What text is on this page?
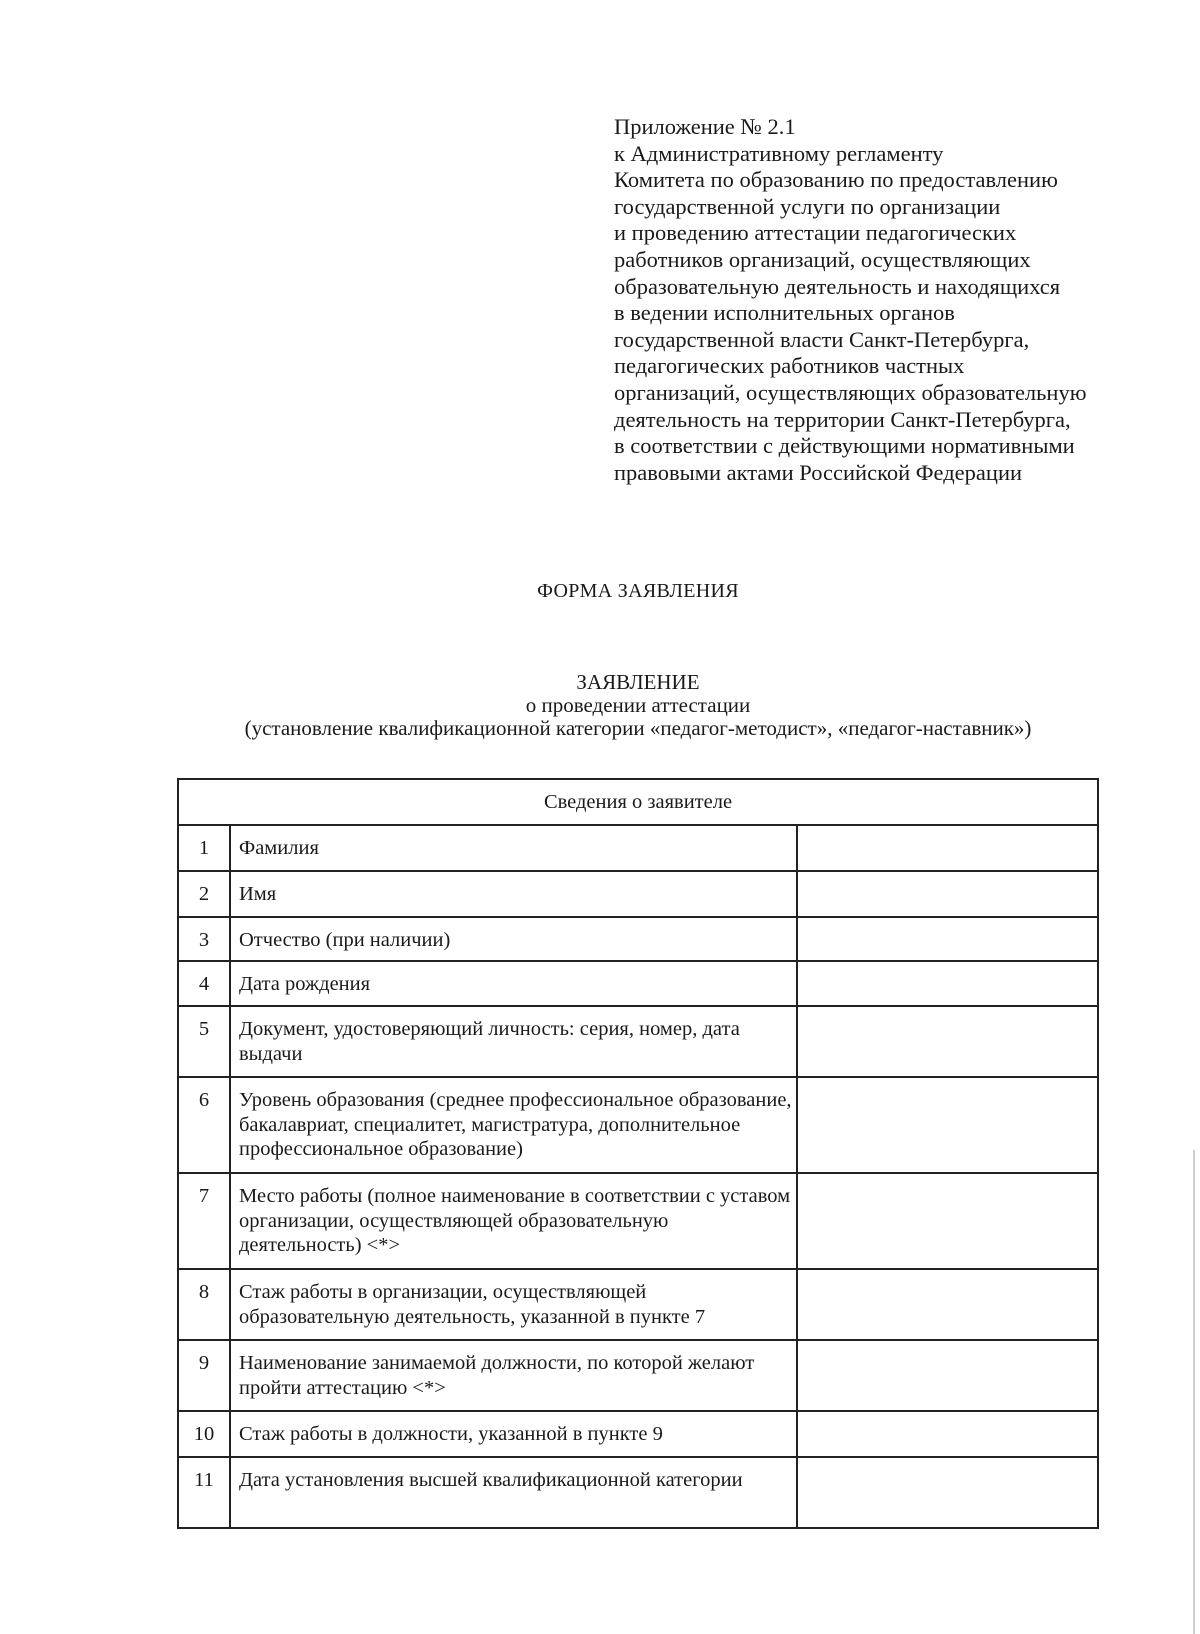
Приложение № 2.1
к Административному регламенту
Комитета по образованию по предоставлению
государственной услуги по организации
и проведению аттестации педагогических
работников организаций, осуществляющих
образовательную деятельность и находящихся
в ведении исполнительных органов
государственной власти Санкт-Петербурга,
педагогических работников частных
организаций, осуществляющих образовательную
деятельность на территории Санкт-Петербурга,
в соответствии с действующими нормативными
правовыми актами Российской Федерации
ФОРМА ЗАЯВЛЕНИЯ
ЗАЯВЛЕНИЕ
о проведении аттестации
(установление квалификационной категории «педагог-методист», «педагог-наставник»)
Сведения о заявителе		
1	Фамилия	
2	Имя	
3	Отчество (при наличии)	
4	Дата рождения	
5	Документ, удостоверяющий личность: серия, номер, дата выдачи	
6	Уровень образования (среднее профессиональное образование, бакалавриат, специалитет, магистратура, дополнительное профессиональное образование)	
7	Место работы (полное наименование в соответствии с уставом организации, осуществляющей образовательную деятельность) <*>	
8	Стаж работы в организации, осуществляющей образовательную деятельность, указанной в пункте 7	
9	Наименование занимаемой должности, по которой желают пройти аттестацию <*>	
10	Стаж работы в должности, указанной в пункте 9	
11	Дата установления высшей квалификационной категории	
